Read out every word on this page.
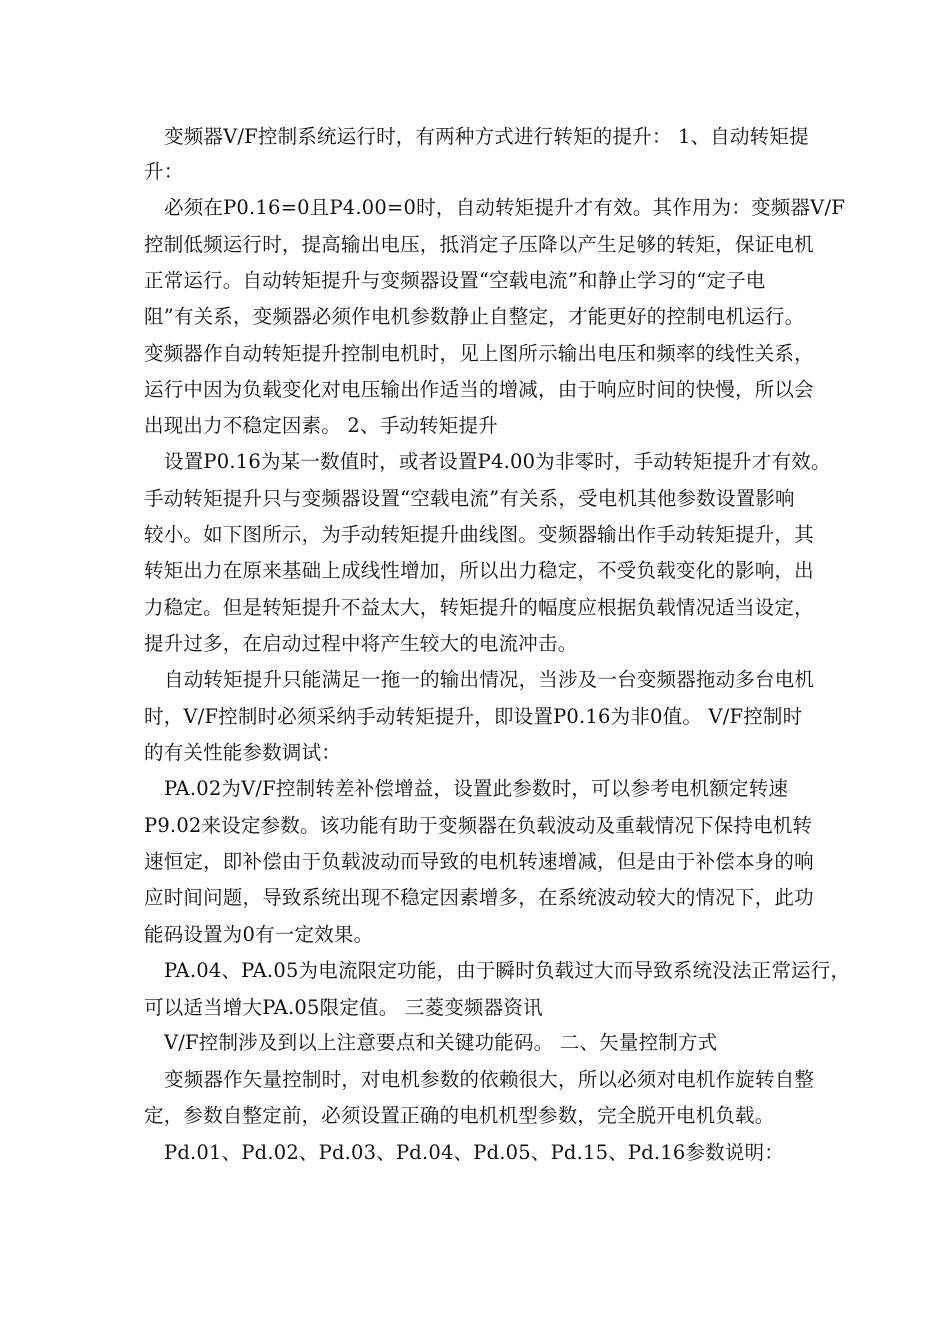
变频器V/F控制系统运行时，有两种方式进行转矩的提升： 1、自动转矩提
升：
必须在P0.16=0且P4.00=0时，自动转矩提升才有效。其作用为：变频器V/F
控制低频运行时，提高输出电压，抵消定子压降以产生足够的转矩，保证电机
正常运行。自动转矩提升与变频器设置“空载电流”和静止学习的“定子电
阻”有关系，变频器必须作电机参数静止自整定，才能更好的控制电机运行。
变频器作自动转矩提升控制电机时，见上图所示输出电压和频率的线性关系，
运行中因为负载变化对电压输出作适当的增减，由于响应时间的快慢，所以会
出现出力不稳定因素。 2、手动转矩提升
设置P0.16为某一数值时，或者设置P4.00为非零时，手动转矩提升才有效。
手动转矩提升只与变频器设置“空载电流”有关系，受电机其他参数设置影响
较小。如下图所示，为手动转矩提升曲线图。变频器输出作手动转矩提升，其
转矩出力在原来基础上成线性增加，所以出力稳定，不受负载变化的影响，出
力稳定。但是转矩提升不益太大，转矩提升的幅度应根据负载情况适当设定，
提升过多，在启动过程中将产生较大的电流冲击。
自动转矩提升只能满足一拖一的输出情况，当涉及一台变频器拖动多台电机
时，V/F控制时必须采纳手动转矩提升，即设置P0.16为非0值。 V/F控制时
的有关性能参数调试：
PA.02为V/F控制转差补偿增益，设置此参数时，可以参考电机额定转速
P9.02来设定参数。该功能有助于变频器在负载波动及重载情况下保持电机转
速恒定，即补偿由于负载波动而导致的电机转速增减，但是由于补偿本身的响
应时间问题，导致系统出现不稳定因素增多，在系统波动较大的情况下，此功
能码设置为0有一定效果。
PA.04、PA.05为电流限定功能，由于瞬时负载过大而导致系统没法正常运行，
可以适当增大PA.05限定值。 三菱变频器资讯
V/F控制涉及到以上注意要点和关键功能码。 二、矢量控制方式
变频器作矢量控制时，对电机参数的依赖很大，所以必须对电机作旋转自整
定，参数自整定前，必须设置正确的电机机型参数，完全脱开电机负载。
Pd.01、Pd.02、Pd.03、Pd.04、Pd.05、Pd.15、Pd.16参数说明：
